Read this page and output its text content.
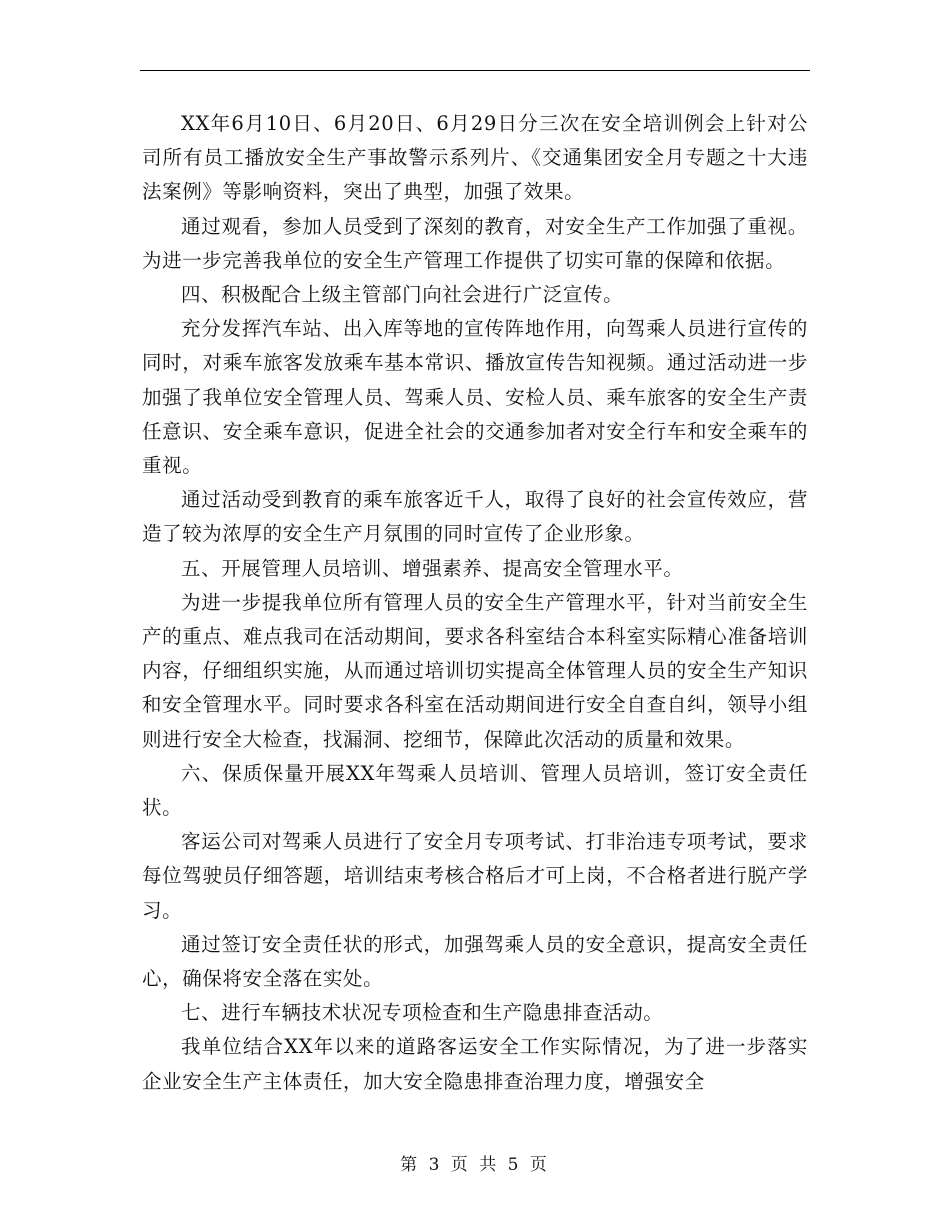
XX年6月10日、6月20日、6月29日分三次在安全培训例会上针对公司所有员工播放安全生产事故警示系列片、《交通集团安全月专题之十大违法案例》等影响资料，突出了典型，加强了效果。

通过观看，参加人员受到了深刻的教育，对安全生产工作加强了重视。为进一步完善我单位的安全生产管理工作提供了切实可靠的保障和依据。

四、积极配合上级主管部门向社会进行广泛宣传。

充分发挥汽车站、出入库等地的宣传阵地作用，向驾乘人员进行宣传的同时，对乘车旅客发放乘车基本常识、播放宣传告知视频。通过活动进一步加强了我单位安全管理人员、驾乘人员、安检人员、乘车旅客的安全生产责任意识、安全乘车意识，促进全社会的交通参加者对安全行车和安全乘车的重视。

通过活动受到教育的乘车旅客近千人，取得了良好的社会宣传效应，营造了较为浓厚的安全生产月氛围的同时宣传了企业形象。

五、开展管理人员培训、增强素养、提高安全管理水平。

为进一步提我单位所有管理人员的安全生产管理水平，针对当前安全生产的重点、难点我司在活动期间，要求各科室结合本科室实际精心准备培训内容，仔细组织实施，从而通过培训切实提高全体管理人员的安全生产知识和安全管理水平。同时要求各科室在活动期间进行安全自查自纠，领导小组则进行安全大检查，找漏洞、挖细节，保障此次活动的质量和效果。

六、保质保量开展XX年驾乘人员培训、管理人员培训，签订安全责任状。

客运公司对驾乘人员进行了安全月专项考试、打非治违专项考试，要求每位驾驶员仔细答题，培训结束考核合格后才可上岗，不合格者进行脱产学习。

通过签订安全责任状的形式，加强驾乘人员的安全意识，提高安全责任心，确保将安全落在实处。

七、进行车辆技术状况专项检查和生产隐患排查活动。

我单位结合XX年以来的道路客运安全工作实际情况，为了进一步落实企业安全生产主体责任，加大安全隐患排查治理力度，增强安全

第 3 页 共 5 页
